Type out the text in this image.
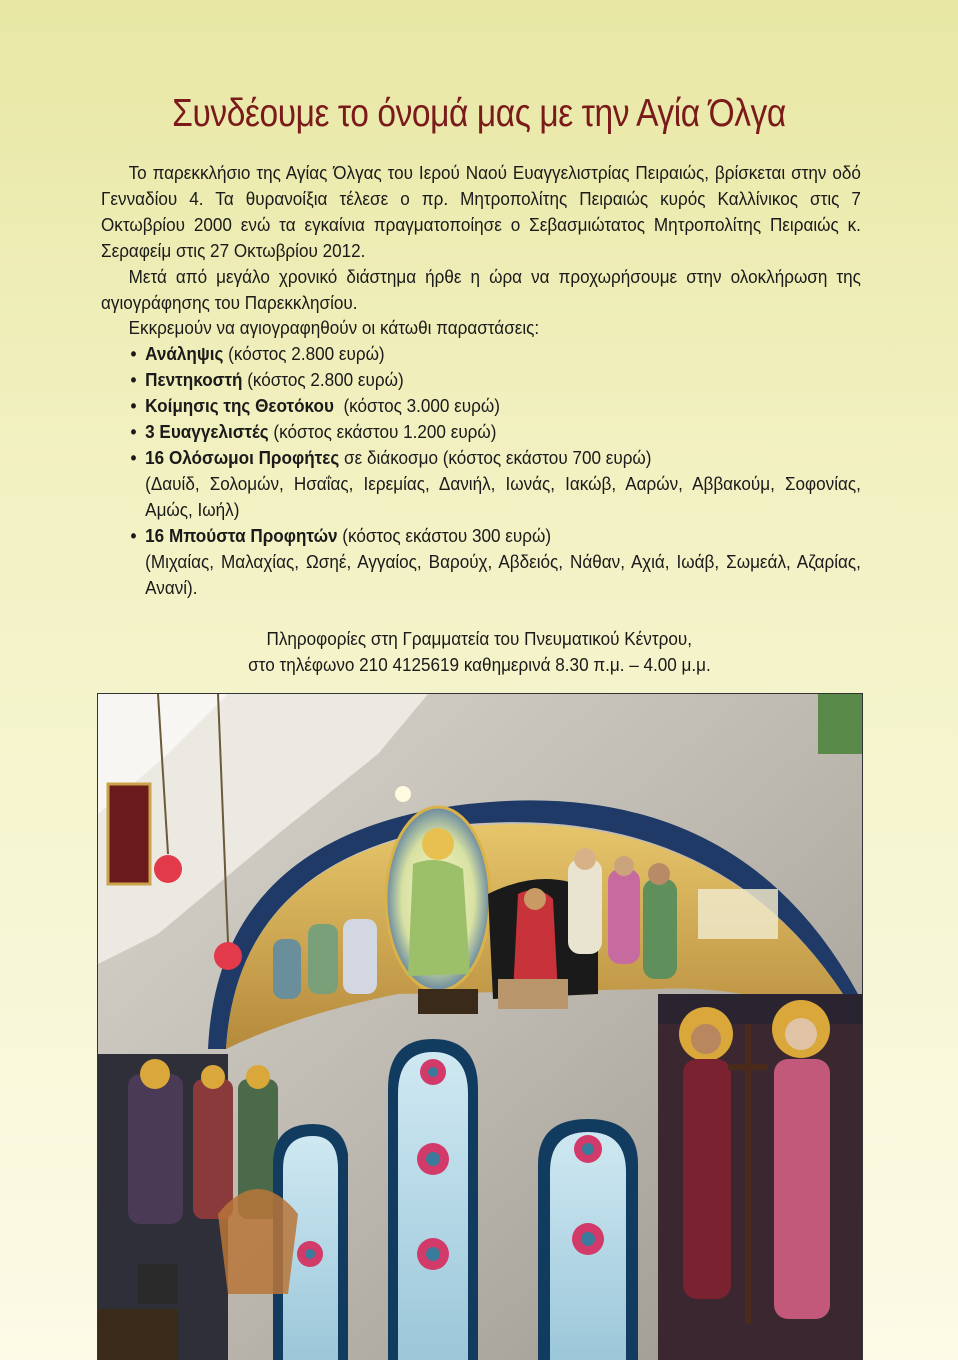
Συνδέουμε το όνομά μας με την Αγία Όλγα

Το παρεκκλήσιο της Αγίας Όλγας του Ιερού Ναού Ευαγγελιστρίας Πειραιώς, βρίσκεται στην οδό Γενναδίου 4. Τα θυρανοίξια τέλεσε ο πρ. Μητροπολίτης Πειραιώς κυρός Καλλίνικος στις 7 Οκτωβρίου 2000 ενώ τα εγκαίνια πραγματοποίησε ο Σεβασμιώτατος Μητροπολίτης Πειραιώς κ. Σεραφείμ στις 27 Οκτωβρίου 2012.

Μετά από μεγάλο χρονικό διάστημα ήρθε η ώρα να προχωρήσουμε στην ολοκλήρωση της αγιογράφησης του Παρεκκλησίου.

Εκκρεμούν να αγιογραφηθούν οι κάτωθι παραστάσεις:

• Ανάληψις (κόστος 2.800 ευρώ)
• Πεντηκοστή (κόστος 2.800 ευρώ)
• Κοίμησις της Θεοτόκου  (κόστος 3.000 ευρώ)
• 3 Ευαγγελιστές (κόστος εκάστου 1.200 ευρώ)
• 16 Ολόσωμοι Προφήτες σε διάκοσμο (κόστος εκάστου 700 ευρώ)
(Δαυίδ, Σολομών, Ησαΐας, Ιερεμίας, Δανιήλ, Ιωνάς, Ιακώβ, Ααρών, Αββακούμ, Σοφονίας, Αμώς, Ιωήλ)
• 16 Μπούστα Προφητών (κόστος εκάστου 300 ευρώ)
(Μιχαίας, Μαλαχίας, Ωσηέ, Αγγαίος, Βαρούχ, Αβδειός, Νάθαν, Αχιά, Ιωάβ, Σωμεάλ, Αζαρίας, Ανανί).
Πληροφορίες στη Γραμματεία του Πνευματικού Κέντρου,
στο τηλέφωνο 210 4125619 καθημερινά 8.30 π.μ. – 4.00 μ.μ.
